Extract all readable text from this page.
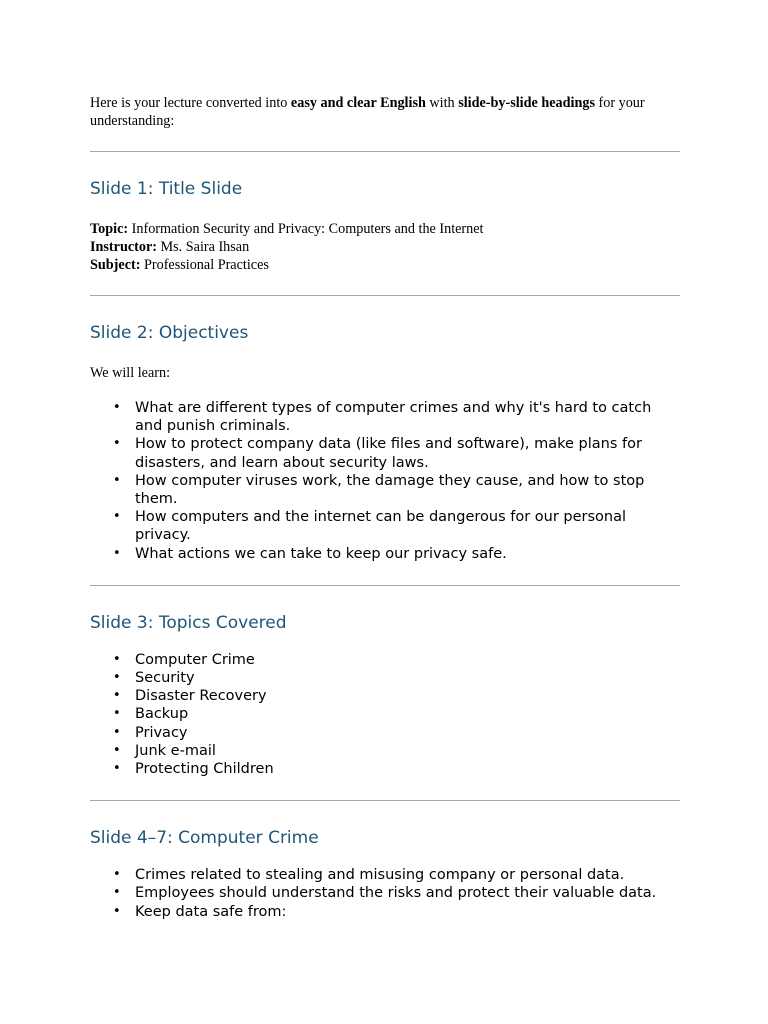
Here is your lecture converted into easy and clear English with slide-by-slide headings for your understanding:

Slide 1: Title Slide

Topic: Information Security and Privacy: Computers and the Internet

Instructor: Ms. Saira Ihsan

Subject: Professional Practices

Slide 2: Objectives

We will learn:

• What are different types of computer crimes and why it's hard to catch and punish criminals.
• How to protect company data (like files and software), make plans for disasters, and learn about security laws.
• How computer viruses work, the damage they cause, and how to stop them.
• How computers and the internet can be dangerous for our personal privacy.
• What actions we can take to keep our privacy safe.
Slide 3: Topics Covered
• Computer Crime
• Security
• Disaster Recovery
• Backup
• Privacy
• Junk e-mail
• Protecting Children
Slide 4–7: Computer Crime
• Crimes related to stealing and misusing company or personal data.
• Employees should understand the risks and protect their valuable data.
• Keep data safe from:
